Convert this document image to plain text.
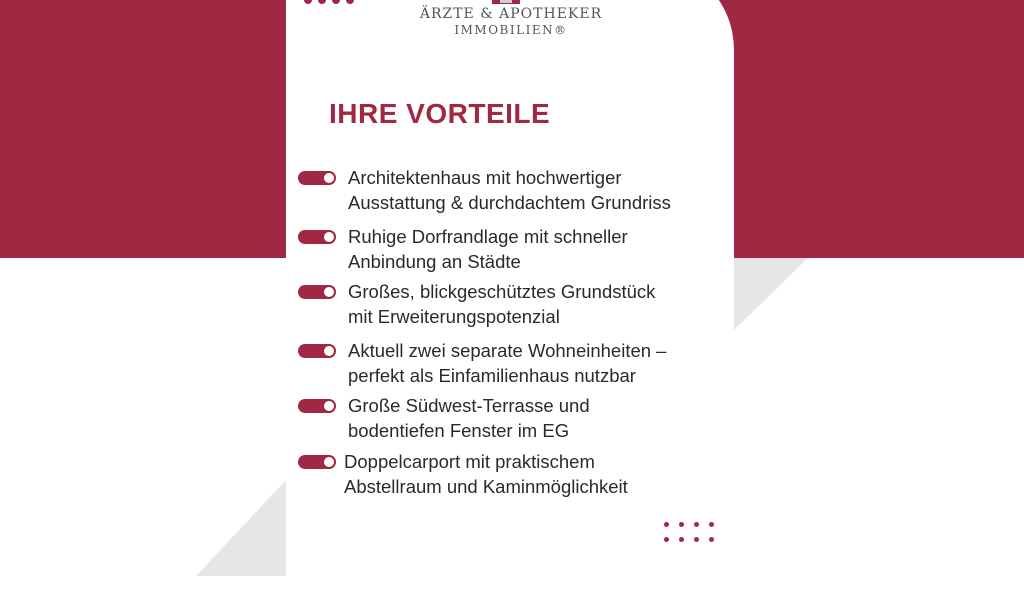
ÄRZTE & APOTHEKER
IMMOBILIEN®
IHRE VORTEILE
Architektenhaus mit hochwertiger
Ausstattung & durchdachtem Grundriss
Ruhige Dorfrandlage mit schneller
Anbindung an Städte
Großes, blickgeschütztes Grundstück
mit Erweiterungspotenzial
Aktuell zwei separate Wohneinheiten –
perfekt als Einfamilienhaus nutzbar
Große Südwest-Terrasse und
bodentiefen Fenster im EG
Doppelcarport mit praktischem
Abstellraum und Kaminmöglichkeit
